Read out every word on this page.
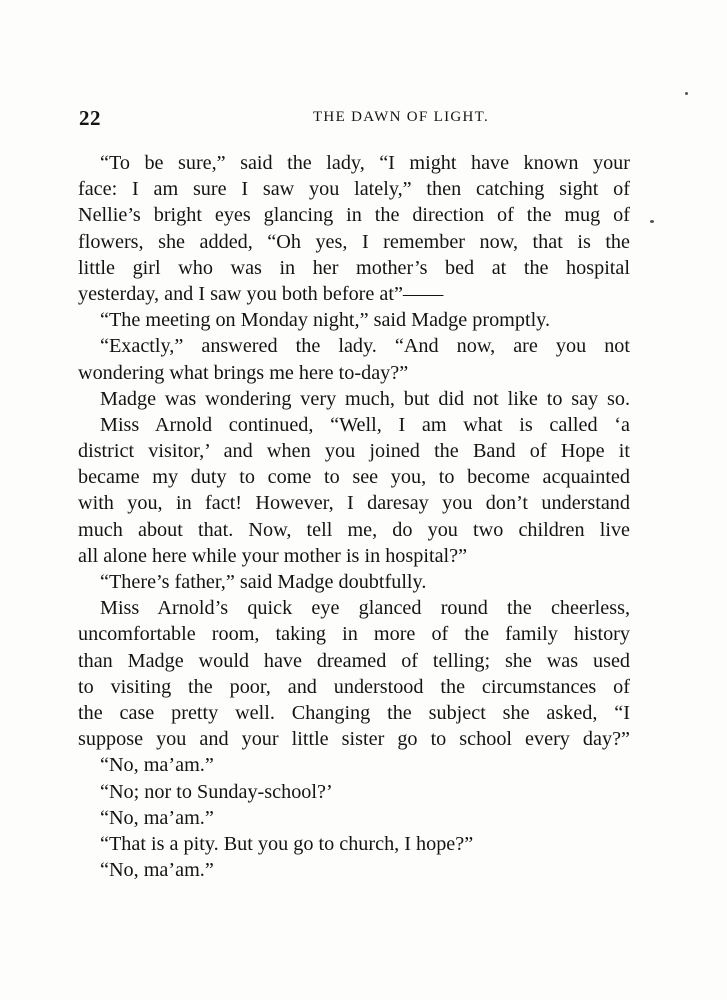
22	THE DAWN OF LIGHT.
“To be sure,” said the lady, “I might have known your
face: I am sure I saw you lately,” then catching sight of
Nellie’s bright eyes glancing in the direction of the mug of
flowers, she added, “Oh yes, I remember now, that is the
little girl who was in her mother’s bed at the hospital
yesterday, and I saw you both before at”——
“The meeting on Monday night,” said Madge promptly.
“Exactly,” answered the lady. “And now, are you not
wondering what brings me here to-day?”
Madge was wondering very much, but did not like to say so.
Miss Arnold continued, “Well, I am what is called ‘a
district visitor,’ and when you joined the Band of Hope it
became my duty to come to see you, to become acquainted
with you, in fact! However, I daresay you don’t understand
much about that. Now, tell me, do you two children live
all alone here while your mother is in hospital?”
“There’s father,” said Madge doubtfully.
Miss Arnold’s quick eye glanced round the cheerless,
uncomfortable room, taking in more of the family history
than Madge would have dreamed of telling; she was used
to visiting the poor, and understood the circumstances of
the case pretty well. Changing the subject she asked, “I
suppose you and your little sister go to school every day?”
“No, ma’am.”
“No; nor to Sunday-school?’
“No, ma’am.”
“That is a pity. But you go to church, I hope?”
“No, ma’am.”
